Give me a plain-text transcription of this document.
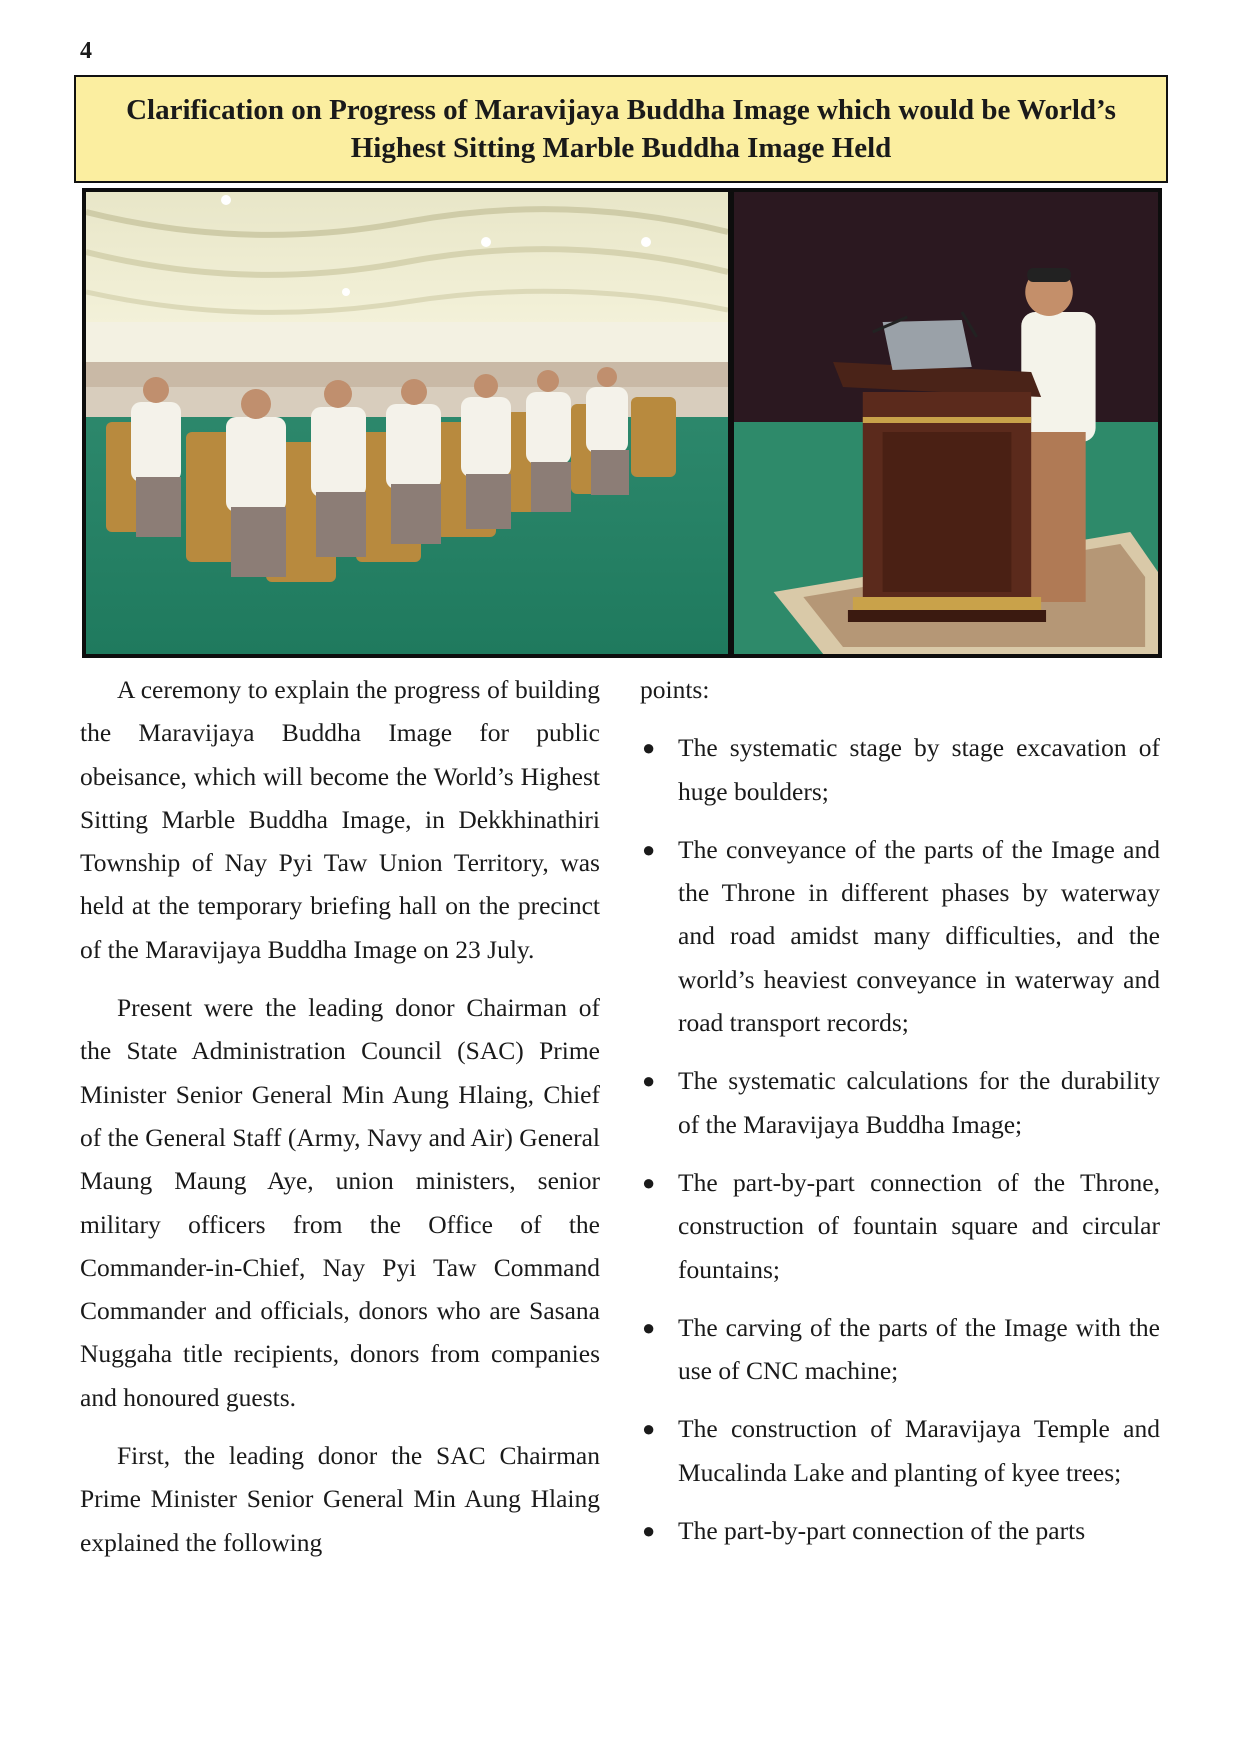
4
Clarification on Progress of Maravijaya Buddha Image which would be World’s Highest Sitting Marble Buddha Image Held

A ceremony to explain the progress of building the Maravijaya Buddha Image for public obeisance, which will become the World’s Highest Sitting Marble Buddha Image, in Dekkhinathiri Township of Nay Pyi Taw Union Territory, was held at the temporary briefing hall on the precinct of the Maravijaya Buddha Image on 23 July.

Present were the leading donor Chairman of the State Administration Council (SAC) Prime Minister Senior General Min Aung Hlaing, Chief of the General Staff (Army, Navy and Air) General Maung Maung Aye, union ministers, senior military officers from the Office of the Commander-in-Chief, Nay Pyi Taw Command Commander and officials, donors who are Sasana Nuggaha title recipients, donors from companies and honoured guests.

First, the leading donor the SAC Chairman Prime Minister Senior General Min Aung Hlaing explained the following

points:

● The systematic stage by stage excavation of huge boulders;
● The conveyance of the parts of the Image and the Throne in different phases by waterway and road amidst many difficulties, and the world’s heaviest conveyance in waterway and road transport records;
● The systematic calculations for the durability of the Maravijaya Buddha Image;
● The part-by-part connection of the Throne, construction of fountain square and circular fountains;
● The carving of the parts of the Image with the use of CNC machine;
● The construction of Maravijaya Temple and Mucalinda Lake and planting of kyee trees;
● The part-by-part connection of the parts
